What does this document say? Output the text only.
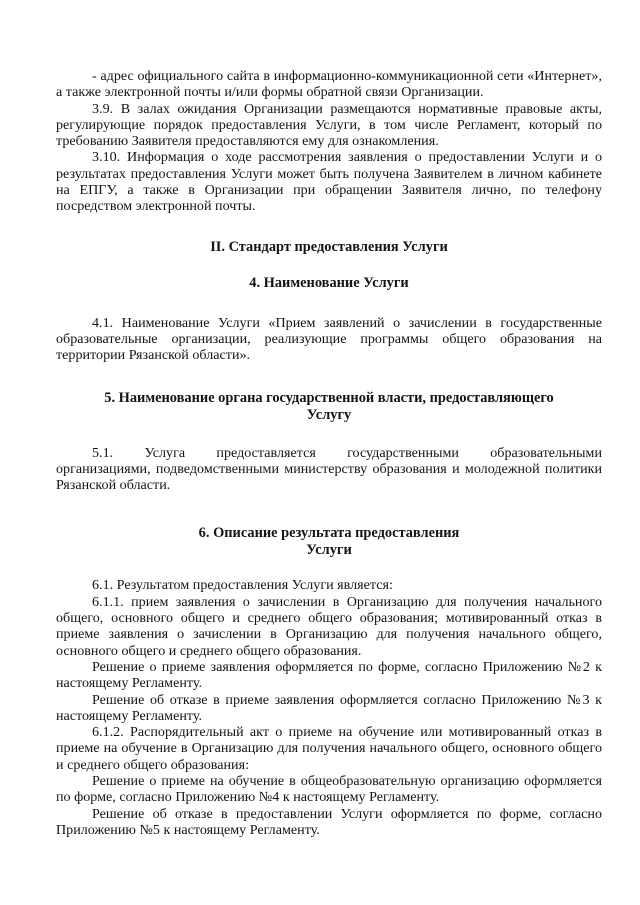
- адрес официального сайта в информационно-коммуникационной сети «Интернет», а также электронной почты и/или формы обратной связи Организации.

3.9. В залах ожидания Организации размещаются нормативные правовые акты, регулирующие порядок предоставления Услуги, в том числе Регламент, который по требованию Заявителя предоставляются ему для ознакомления.

3.10. Информация о ходе рассмотрения заявления о предоставлении Услуги и о результатах предоставления Услуги может быть получена Заявителем в личном кабинете на ЕПГУ, а также в Организации при обращении Заявителя лично, по телефону посредством электронной почты.

II. Стандарт предоставления Услуги
4. Наименование Услуги

4.1. Наименование Услуги «Прием заявлений о зачислении в государственные образовательные организации, реализующие программы общего образования на территории Рязанской области».

5. Наименование органа государственной власти, предоставляющего
Услугу

5.1.    Услуга    предоставляется    государственными    образовательными организациями, подведомственными министерству образования и молодежной политики Рязанской области.

6. Описание результата предоставления
Услуги

6.1. Результатом предоставления Услуги является:

6.1.1. прием заявления о зачислении в Организацию для получения начального общего, основного общего и среднего общего образования; мотивированный отказ в приеме заявления о зачислении в Организацию для получения начального общего, основного общего и среднего общего образования.

Решение о приеме заявления оформляется по форме, согласно Приложению №2 к настоящему Регламенту.

Решение об отказе в приеме заявления оформляется согласно Приложению №3 к настоящему Регламенту.

6.1.2. Распорядительный акт о приеме на обучение или мотивированный отказ в приеме на обучение в Организацию для получения начального общего, основного общего и среднего общего образования:

Решение о приеме на обучение в общеобразовательную организацию оформляется по форме, согласно Приложению №4 к настоящему Регламенту.

Решение об отказе в предоставлении Услуги оформляется по форме, согласно Приложению №5 к настоящему Регламенту.
